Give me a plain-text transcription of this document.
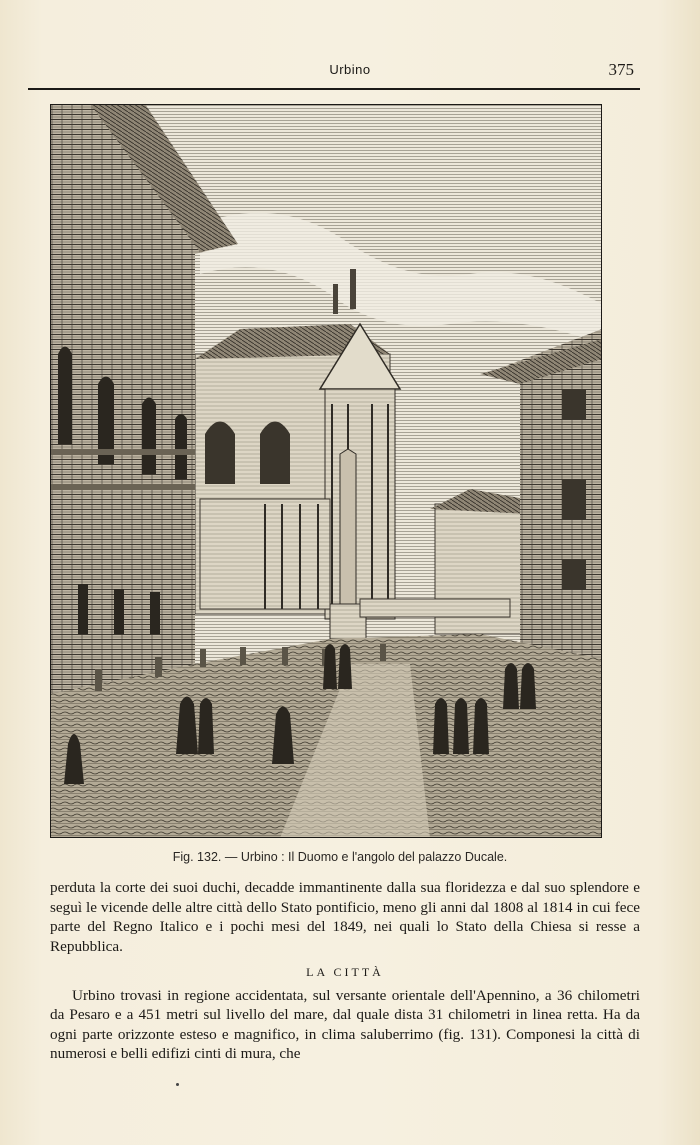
Urbino	375
Fig. 132. — Urbino : Il Duomo e l'angolo del palazzo Ducale.

perduta la corte dei suoi duchi, decadde immantinente dalla sua floridezza e dal suo splendore e seguì le vicende delle altre città dello Stato pontificio, meno gli anni dal 1808 al 1814 in cui fece parte del Regno Italico e i pochi mesi del 1849, nei quali lo Stato della Chiesa si resse a Repubblica.

LA CITTÀ

Urbino trovasi in regione accidentata, sul versante orientale dell'Apennino, a 36 chilometri da Pesaro e a 451 metri sul livello del mare, dal quale dista 31 chilometri in linea retta. Ha da ogni parte orizzonte esteso e magnifico, in clima saluberrimo (fig. 131). Componesi la città di numerosi e belli edifizi cinti di mura, che
